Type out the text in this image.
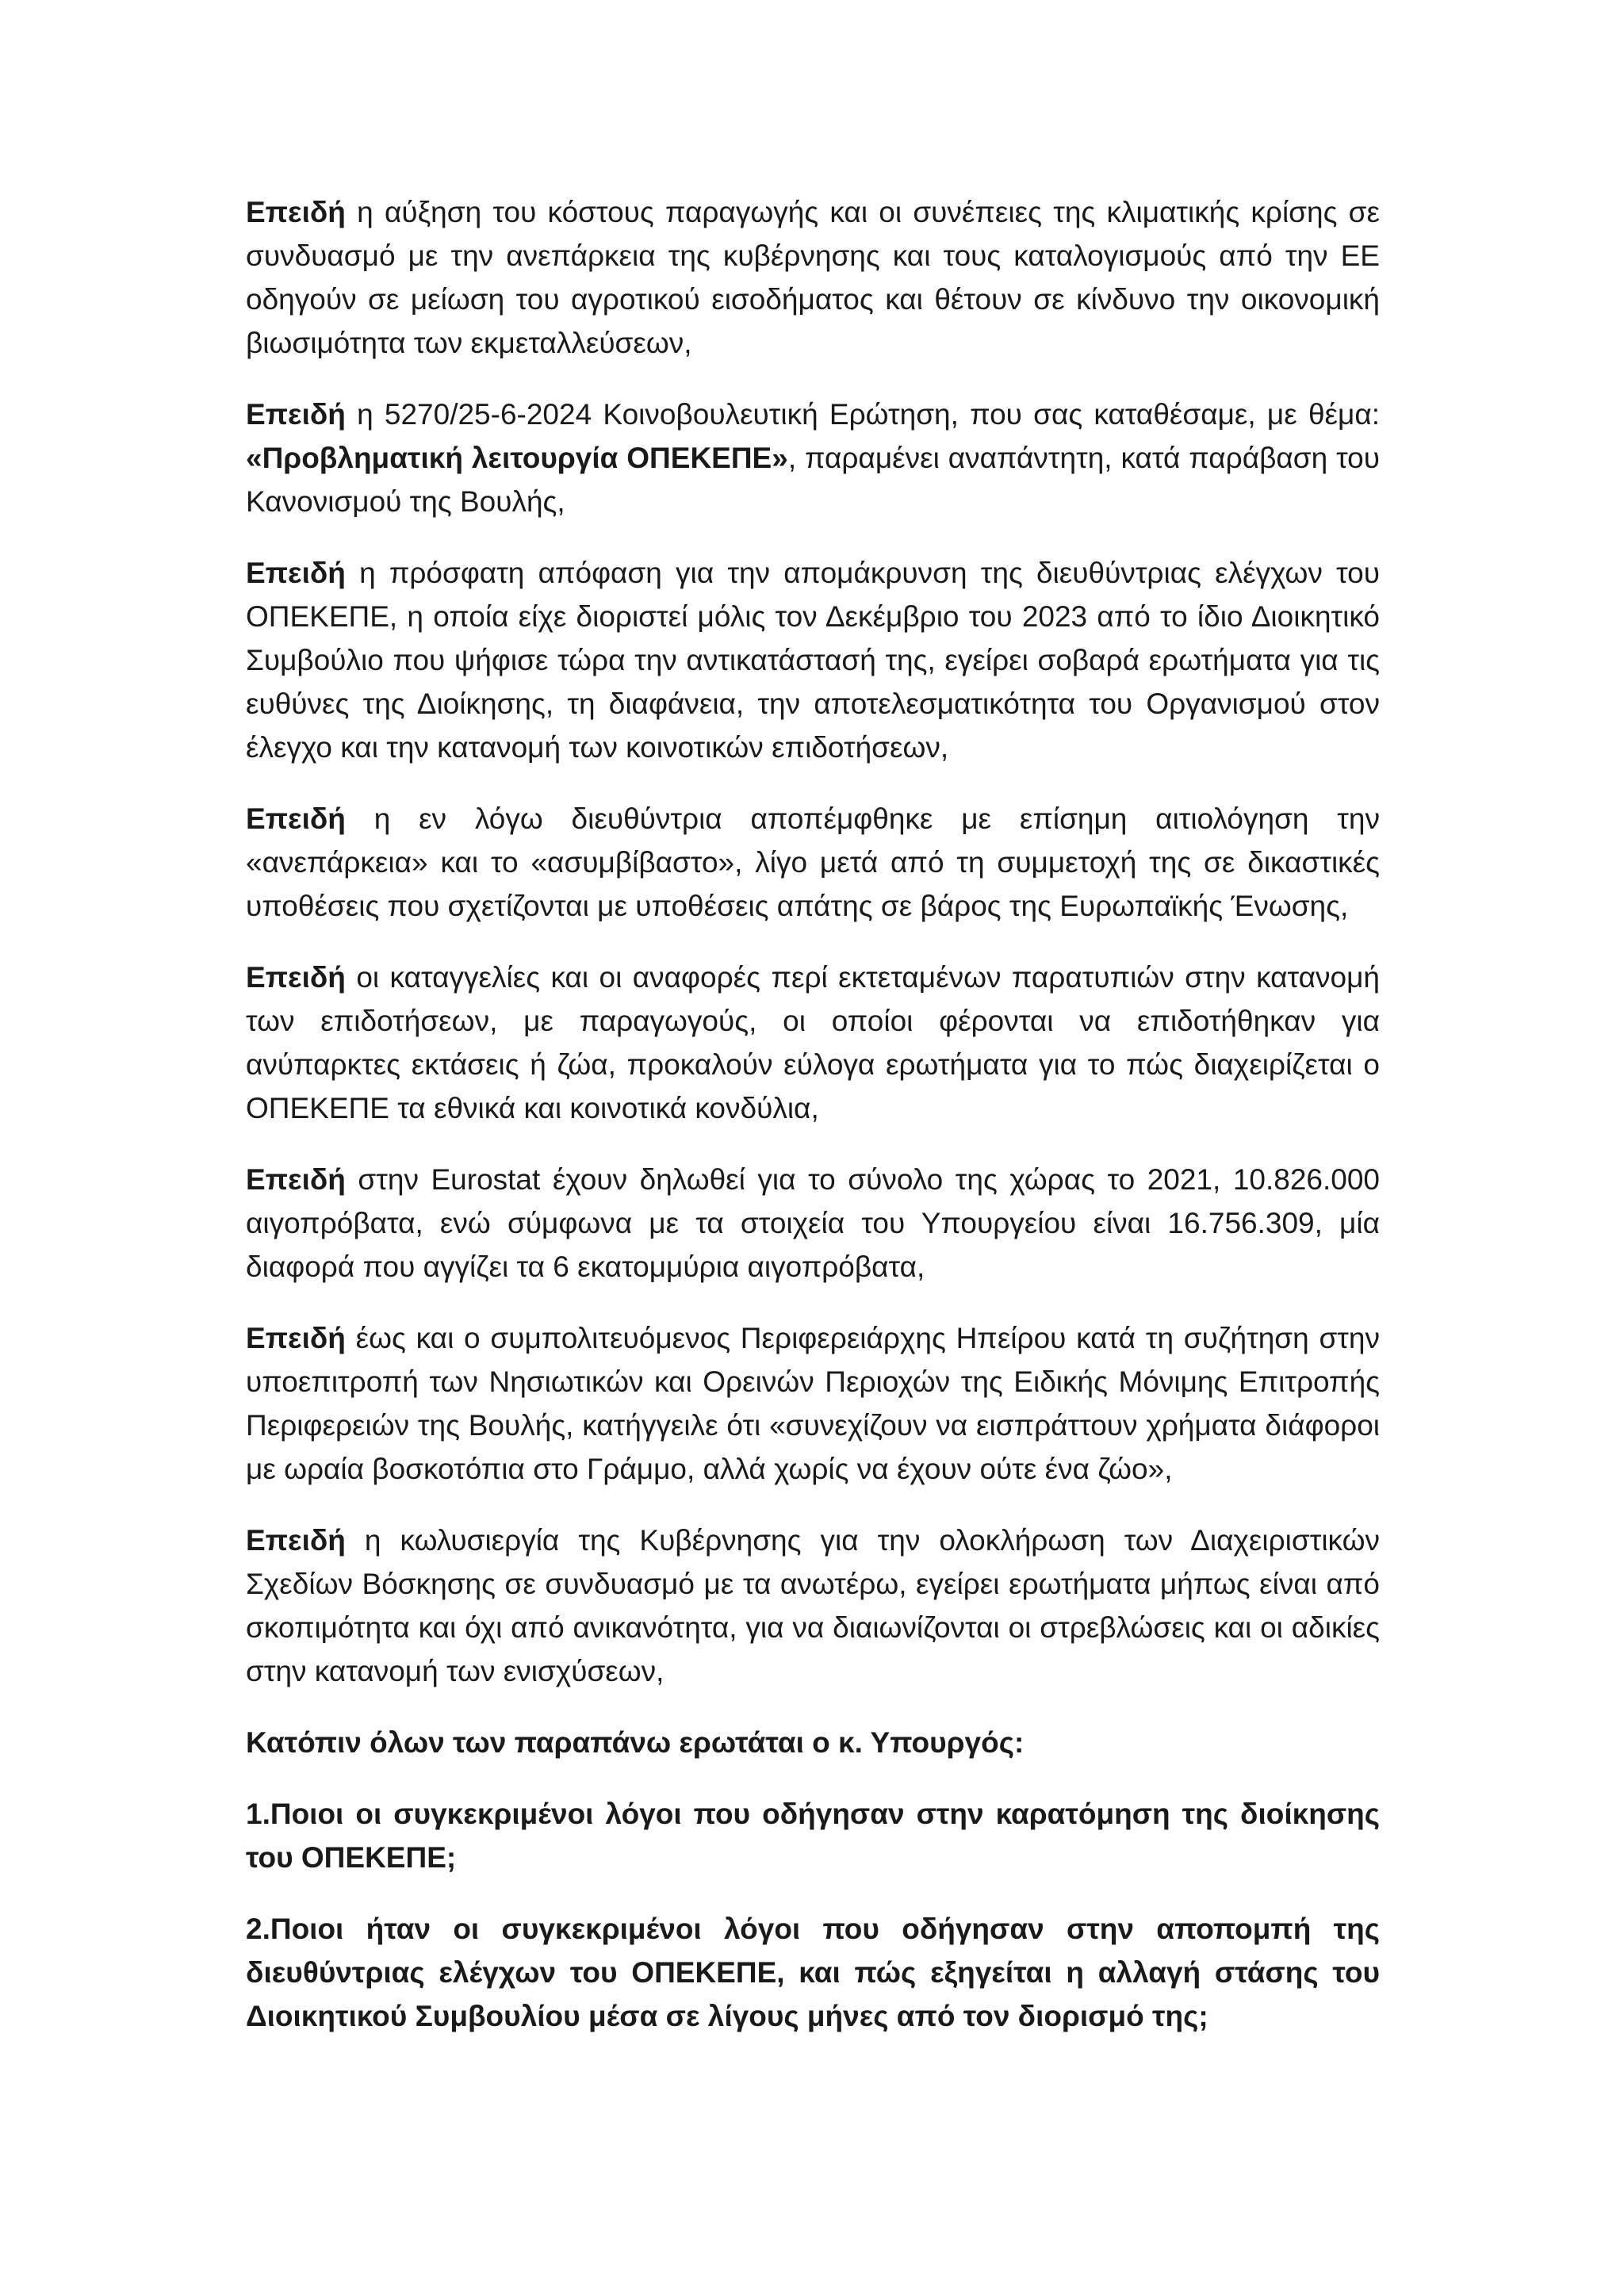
Επειδή η αύξηση του κόστους παραγωγής και οι συνέπειες της κλιματικής κρίσης σε συνδυασμό με την ανεπάρκεια της κυβέρνησης και τους καταλογισμούς από την ΕΕ οδηγούν σε μείωση του αγροτικού εισοδήματος και θέτουν σε κίνδυνο την οικονομική βιωσιμότητα των εκμεταλλεύσεων,

Επειδή η 5270/25-6-2024 Κοινοβουλευτική Ερώτηση, που σας καταθέσαμε, με θέμα: «Προβληματική λειτουργία ΟΠΕΚΕΠΕ», παραμένει αναπάντητη, κατά παράβαση του Κανονισμού της Βουλής,

Επειδή η πρόσφατη απόφαση για την απομάκρυνση της διευθύντριας ελέγχων του ΟΠΕΚΕΠΕ, η οποία είχε διοριστεί μόλις τον Δεκέμβριο του 2023 από το ίδιο Διοικητικό Συμβούλιο που ψήφισε τώρα την αντικατάστασή της, εγείρει σοβαρά ερωτήματα για τις ευθύνες της Διοίκησης, τη διαφάνεια, την αποτελεσματικότητα του Οργανισμού στον έλεγχο και την κατανομή των κοινοτικών επιδοτήσεων,

Επειδή η εν λόγω διευθύντρια αποπέμφθηκε με επίσημη αιτιολόγηση την «ανεπάρκεια» και το «ασυμβίβαστο», λίγο μετά από τη συμμετοχή της σε δικαστικές υποθέσεις που σχετίζονται με υποθέσεις απάτης σε βάρος της Ευρωπαϊκής Ένωσης,

Επειδή οι καταγγελίες και οι αναφορές περί εκτεταμένων παρατυπιών στην κατανομή των επιδοτήσεων, με παραγωγούς, οι οποίοι φέρονται να επιδοτήθηκαν για ανύπαρκτες εκτάσεις ή ζώα, προκαλούν εύλογα ερωτήματα για το πώς διαχειρίζεται ο ΟΠΕΚΕΠΕ τα εθνικά και κοινοτικά κονδύλια,

Επειδή στην Eurostat έχουν δηλωθεί για το σύνολο της χώρας το 2021, 10.826.000 αιγοπρόβατα, ενώ σύμφωνα με τα στοιχεία του Υπουργείου είναι 16.756.309, μία διαφορά που αγγίζει τα 6 εκατομμύρια αιγοπρόβατα,

Επειδή έως και ο συμπολιτευόμενος Περιφερειάρχης Ηπείρου κατά τη συζήτηση στην υποεπιτροπή των Νησιωτικών και Ορεινών Περιοχών της Ειδικής Μόνιμης Επιτροπής Περιφερειών της Βουλής, κατήγγειλε ότι «συνεχίζουν να εισπράττουν χρήματα διάφοροι με ωραία βοσκοτόπια στο Γράμμο, αλλά χωρίς να έχουν ούτε ένα ζώο»,

Επειδή η κωλυσιεργία της Κυβέρνησης για την ολοκλήρωση των Διαχειριστικών Σχεδίων Βόσκησης σε συνδυασμό με τα ανωτέρω, εγείρει ερωτήματα μήπως είναι από σκοπιμότητα και όχι από ανικανότητα, για να διαιωνίζονται οι στρεβλώσεις και οι αδικίες στην κατανομή των ενισχύσεων,

Κατόπιν όλων των παραπάνω ερωτάται ο κ. Υπουργός:

1.Ποιοι οι συγκεκριμένοι λόγοι που οδήγησαν στην καρατόμηση της διοίκησης του ΟΠΕΚΕΠΕ;

2.Ποιοι ήταν οι συγκεκριμένοι λόγοι που οδήγησαν στην αποπομπή της διευθύντριας ελέγχων του ΟΠΕΚΕΠΕ, και πώς εξηγείται η αλλαγή στάσης του Διοικητικού Συμβουλίου μέσα σε λίγους μήνες από τον διορισμό της;
